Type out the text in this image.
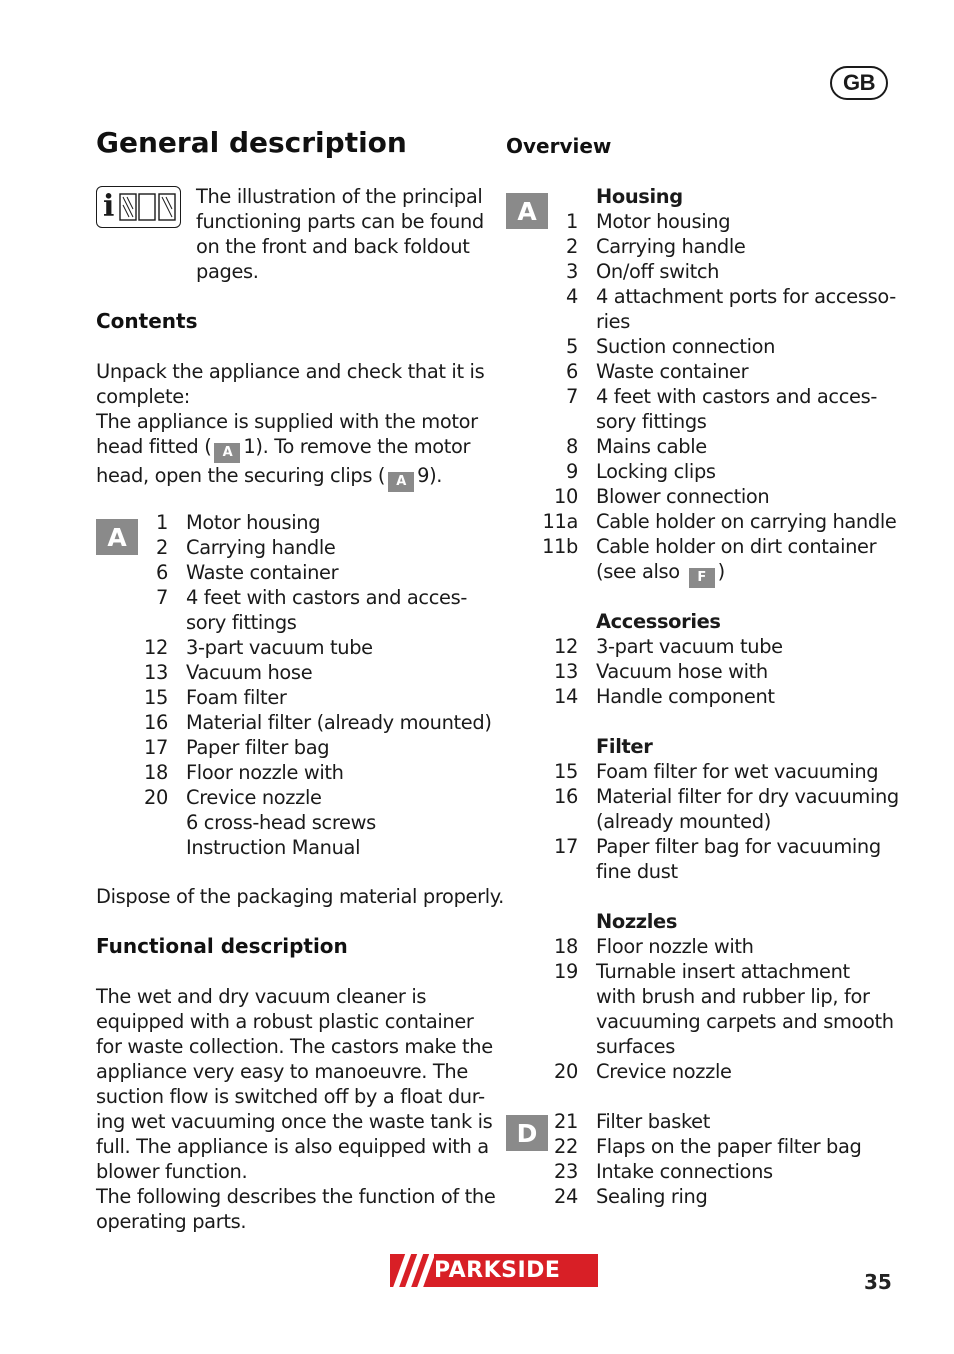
GB
General description
i	The illustration of the principal
functioning parts can be found
on the front and back foldout
pages.
Contents
Unpack the appliance and check that it is
complete:
The appliance is supplied with the motor
head fitted ( A 1). To remove the motor
head, open the securing clips ( A 9).
A	1 Motor housing
2 Carrying handle
6 Waste container
7 4 feet with castors and acces-
sory fittings
12 3-part vacuum tube
13 Vacuum hose
15 Foam filter
16 Material filter (already mounted)
17 Paper filter bag
18 Floor nozzle with
20 Crevice nozzle
6 cross-head screws
Instruction Manual
Dispose of the packaging material properly.
Functional description
The wet and dry vacuum cleaner is
equipped with a robust plastic container
for waste collection. The castors make the
appliance very easy to manoeuvre. The
suction flow is switched off by a float dur-
ing wet vacuuming once the waste tank is
full. The appliance is also equipped with a
blower function.
The following describes the function of the
operating parts.
Overview
A
D
Housing
1 Motor housing
2 Carrying handle
3 On/off switch
4 4 attachment ports for accesso-
ries
5 Suction connection
6 Waste container
7 4 feet with castors and acces-
sory fittings
8 Mains cable
9 Locking clips
10 Blower connection
11a Cable holder on carrying handle
11b Cable holder on dirt container
(see also F )
Accessories
12 3-part vacuum tube
13 Vacuum hose with
14 Handle component
Filter
15 Foam filter for wet vacuuming
16 Material filter for dry vacuuming
(already mounted)
17 Paper filter bag for vacuuming
fine dust
Nozzles
18 Floor nozzle with
19 Turnable insert attachment
with brush and rubber lip, for
vacuuming carpets and smooth
surfaces
20 Crevice nozzle
21 Filter basket
22 Flaps on the paper filter bag
23 Intake connections
24 Sealing ring
PARKSIDE	35
